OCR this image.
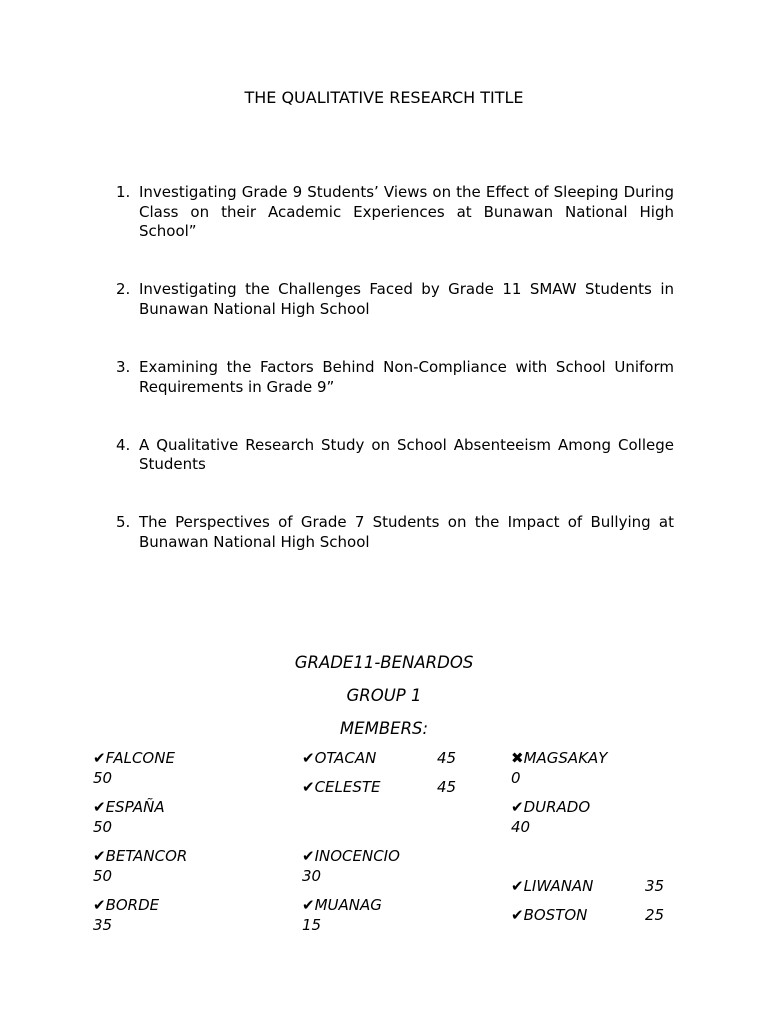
THE QUALITATIVE RESEARCH TITLE
1. Investigating Grade 9 Students’ Views on the Effect of Sleeping During Class on their Academic Experiences at Bunawan National High School”
2. Investigating the Challenges Faced by Grade 11 SMAW Students in Bunawan National High School
3. Examining the Factors Behind Non-Compliance with School Uniform Requirements in Grade 9”
4. A Qualitative Research Study on School Absenteeism Among College Students
5. The Perspectives of Grade 7 Students on the Impact of Bullying at Bunawan National High School
GRADE11-BENARDOS
GROUP 1
MEMBERS:
✔FALCONE
50
✔ESPAÑA
50
✔BETANCOR
50
✔BORDE
35
✔OTACAN	45
✔CELESTE	45
✔INOCENCIO
30
✔MUANAG
15
✖MAGSAKAY
0
✔DURADO
40
✔LIWANAN	35
✔BOSTON	25
